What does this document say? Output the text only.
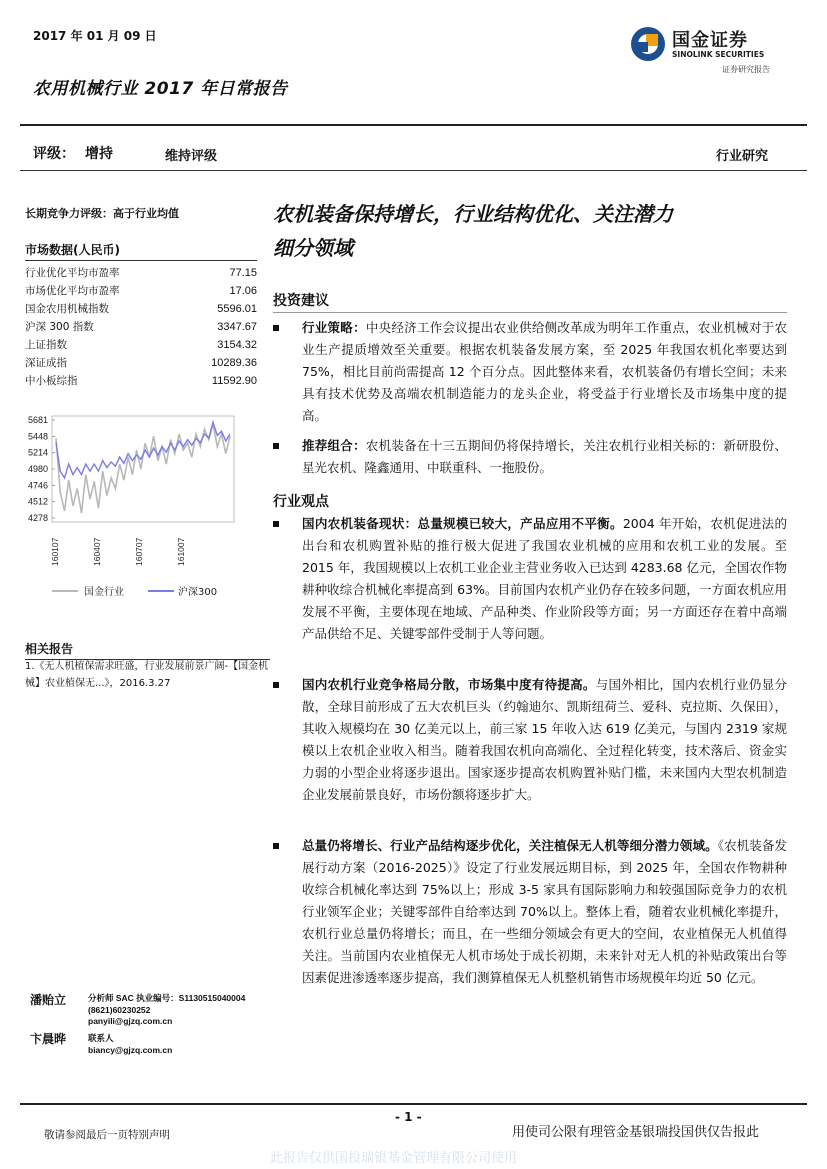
2017 年 01 月 09 日
农用机械行业 2017 年日常报告
国金证券
SINOLINK SECURITIES
证券研究报告
评级： 增持	维持评级	行业研究
长期竞争力评级：高于行业均值
市场数据(人民币)
行业优化平均市盈率	77.15
市场优化平均市盈率	17.06
国金农用机械指数	5596.01
沪深 300 指数	3347.67
上证指数	3154.32
深证成指	10289.36
中小板综指	11592.90
5681
5448
5214
4980
4746
4512
4278
160107	160407	160707	161007
国金行业	沪深300
相关报告
1.《无人机植保需求旺盛，行业发展前景广阔-【国金机械】农业植保无...》，2016.3.27
潘贻立	分析师 SAC 执业编号：S1130515040004
(8621)60230252
panyili@gjzq.com.cn
卞晨晔	联系人
biancy@gjzq.com.cn
农机装备保持增长，行业结构优化、关注潜力
细分领域
投资建议
行业策略：中央经济工作会议提出农业供给侧改革成为明年工作重点，农业机械对于农业生产提质增效至关重要。根据农机装备发展方案，至 2025 年我国农机化率要达到 75%，相比目前尚需提高 12 个百分点。因此整体来看，农机装备仍有增长空间；未来具有技术优势及高端农机制造能力的龙头企业，将受益于行业增长及市场集中度的提高。
推荐组合：农机装备在十三五期间仍将保持增长，关注农机行业相关标的：新研股份、星光农机、隆鑫通用、中联重科、一拖股份。
行业观点
国内农机装备现状：总量规模已较大，产品应用不平衡。2004 年开始，农机促进法的出台和农机购置补贴的推行极大促进了我国农业机械的应用和农机工业的发展。至 2015 年，我国规模以上农机工业企业主营业务收入已达到 4283.68 亿元，全国农作物耕种收综合机械化率提高到 63%。目前国内农机产业仍存在较多问题，一方面农机应用发展不平衡，主要体现在地域、产品种类、作业阶段等方面；另一方面还存在着中高端产品供给不足、关键零部件受制于人等问题。
国内农机行业竞争格局分散，市场集中度有待提高。与国外相比，国内农机行业仍显分散，全球目前形成了五大农机巨头（约翰迪尔、凯斯纽荷兰、爱科、克拉斯、久保田），其收入规模均在 30 亿美元以上，前三家 15 年收入达 619 亿美元，与国内 2319 家规模以上农机企业收入相当。随着我国农机向高端化、全过程化转变，技术落后、资金实力弱的小型企业将逐步退出。国家逐步提高农机购置补贴门槛，未来国内大型农机制造企业发展前景良好，市场份额将逐步扩大。
总量仍将增长、行业产品结构逐步优化，关注植保无人机等细分潜力领域。《农机装备发展行动方案（2016-2025）》设定了行业发展远期目标，到 2025 年，全国农作物耕种收综合机械化率达到 75%以上；形成 3-5 家具有国际影响力和较强国际竞争力的农机行业领军企业；关键零部件自给率达到 70%以上。整体上看，随着农业机械化率提升，农机行业总量仍将增长；而且，在一些细分领域会有更大的空间，农业植保无人机值得关注。当前国内农业植保无人机市场处于成长初期，未来针对无人机的补贴政策出台等因素促进渗透率逐步提高，我们测算植保无人机整机销售市场规模年均近 50 亿元。
- 1 -
敬请参阅最后一页特别声明	用使司公限有理管金基银瑞投国供仅告报此
此报告仅供国投瑞银基金管理有限公司使用
